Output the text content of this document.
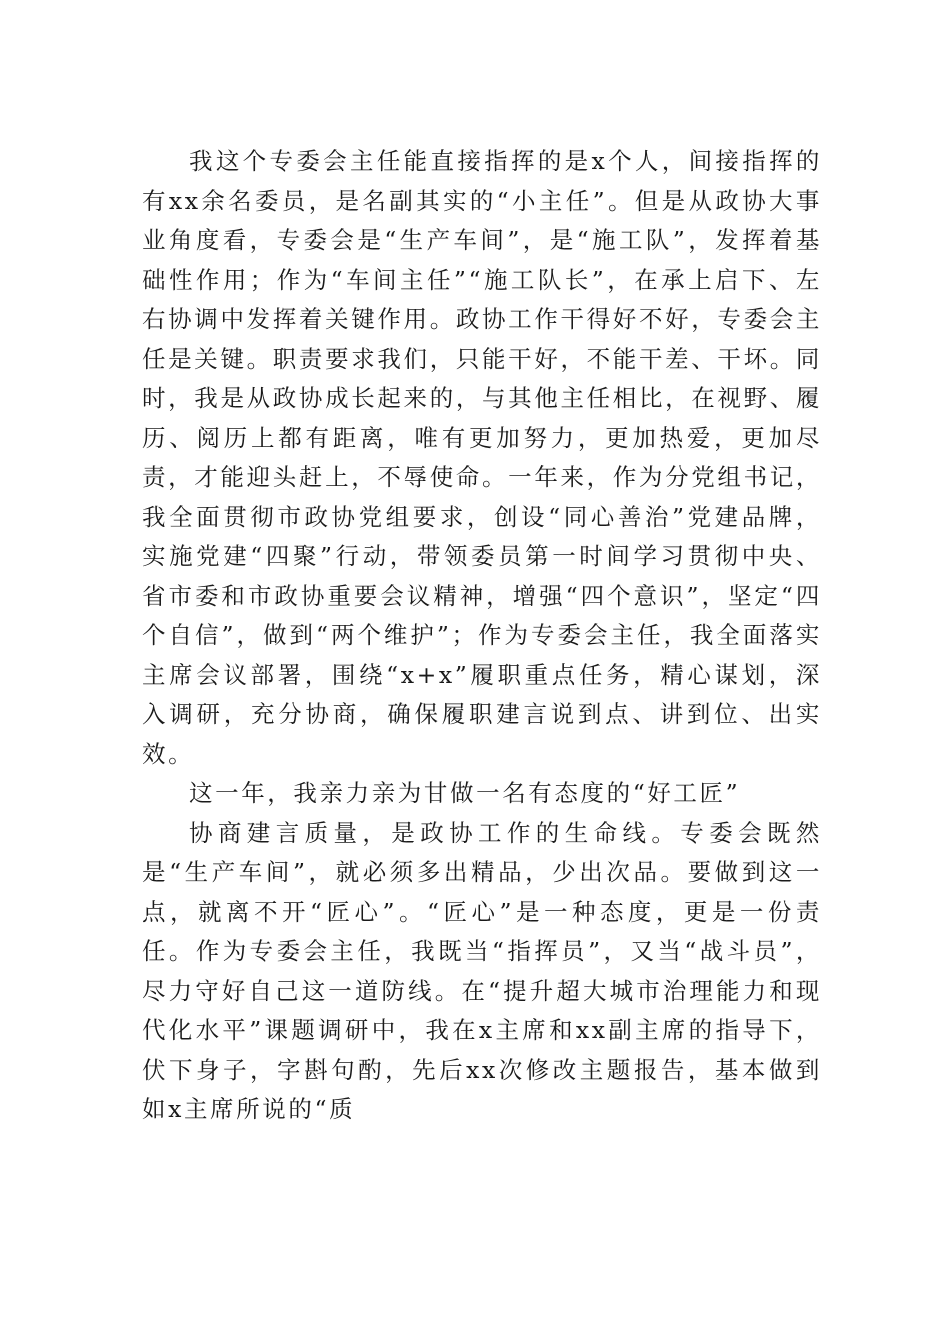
我这个专委会主任能直接指挥的是x个人，间接指挥的有xx余名委员，是名副其实的“小主任”。但是从政协大事业角度看，专委会是“生产车间”，是“施工队”，发挥着基础性作用；作为“车间主任”“施工队长”，在承上启下、左右协调中发挥着关键作用。政协工作干得好不好，专委会主任是关键。职责要求我们，只能干好，不能干差、干坏。同时，我是从政协成长起来的，与其他主任相比，在视野、履历、阅历上都有距离，唯有更加努力，更加热爱，更加尽责，才能迎头赶上，不辱使命。一年来，作为分党组书记，我全面贯彻市政协党组要求，创设“同心善治”党建品牌，实施党建“四聚”行动，带领委员第一时间学习贯彻中央、省市委和市政协重要会议精神，增强“四个意识”，坚定“四个自信”，做到“两个维护”；作为专委会主任，我全面落实主席会议部署，围绕“x+x”履职重点任务，精心谋划，深入调研，充分协商，确保履职建言说到点、讲到位、出实效。

这一年，我亲力亲为甘做一名有态度的“好工匠”

协商建言质量，是政协工作的生命线。专委会既然是“生产车间”，就必须多出精品，少出次品。要做到这一点，就离不开“匠心”。“匠心”是一种态度，更是一份责任。作为专委会主任，我既当“指挥员”，又当“战斗员”，尽力守好自己这一道防线。在“提升超大城市治理能力和现代化水平”课题调研中，我在x主席和xx副主席的指导下，伏下身子，字斟句酌，先后xx次修改主题报告，基本做到如x主席所说的“质
